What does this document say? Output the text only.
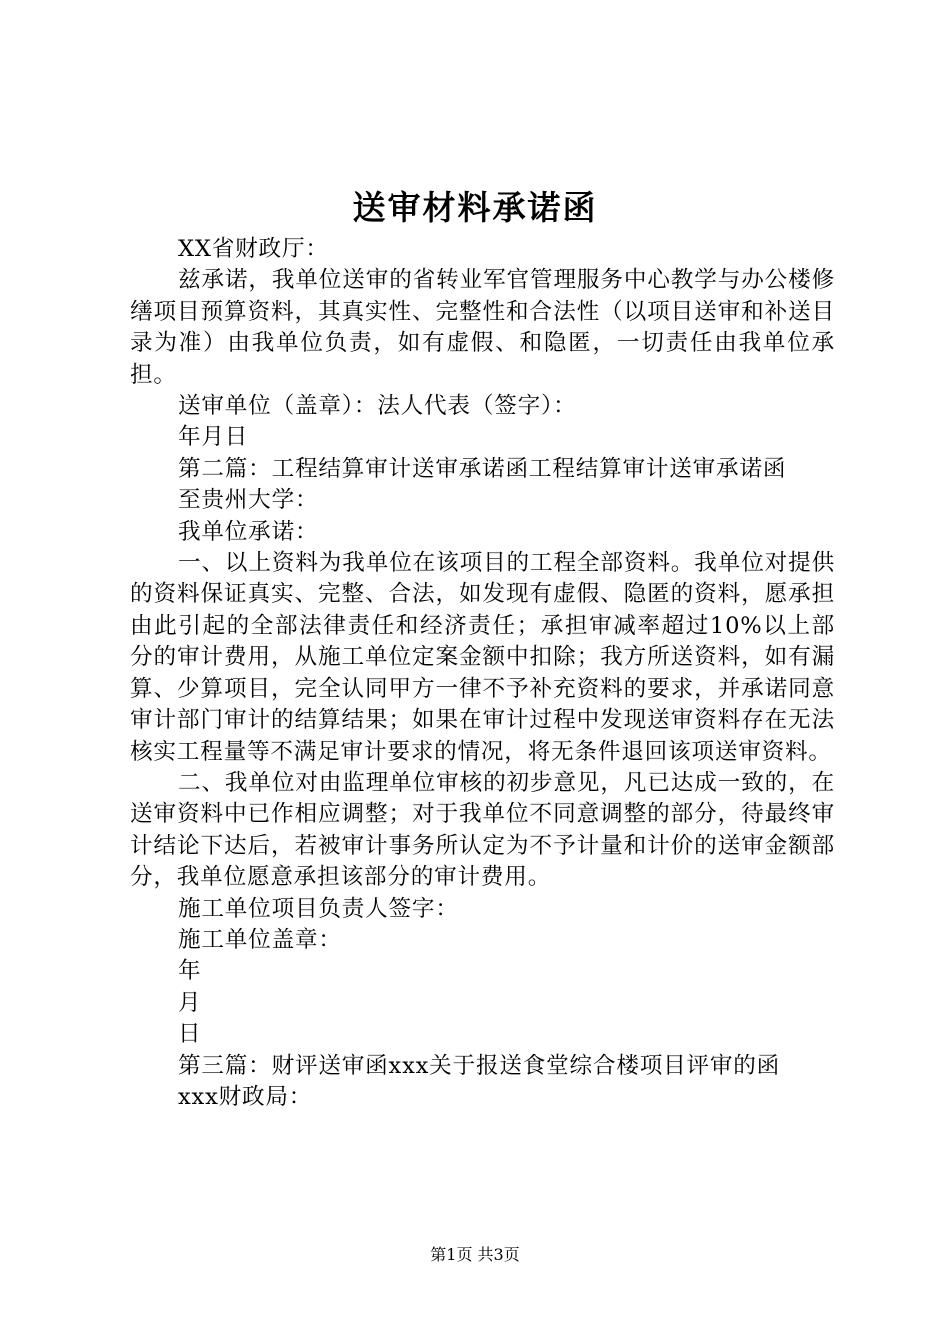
送审材料承诺函

XX省财政厅：

兹承诺，我单位送审的省转业军官管理服务中心教学与办公楼修缮项目预算资料，其真实性、完整性和合法性（以项目送审和补送目录为准）由我单位负责，如有虚假、和隐匿，一切责任由我单位承担。

送审单位（盖章）：法人代表（签字）：

年月日

第二篇：工程结算审计送审承诺函工程结算审计送审承诺函

至贵州大学：

我单位承诺：

一、以上资料为我单位在该项目的工程全部资料。我单位对提供的资料保证真实、完整、合法，如发现有虚假、隐匿的资料，愿承担由此引起的全部法律责任和经济责任；承担审减率超过10%以上部分的审计费用，从施工单位定案金额中扣除；我方所送资料，如有漏算、少算项目，完全认同甲方一律不予补充资料的要求，并承诺同意审计部门审计的结算结果；如果在审计过程中发现送审资料存在无法核实工程量等不满足审计要求的情况，将无条件退回该项送审资料。

二、我单位对由监理单位审核的初步意见，凡已达成一致的，在送审资料中已作相应调整；对于我单位不同意调整的部分，待最终审计结论下达后，若被审计事务所认定为不予计量和计价的送审金额部分，我单位愿意承担该部分的审计费用。

施工单位项目负责人签字：

施工单位盖章：

年

月

日

第三篇：财评送审函xxx关于报送食堂综合楼项目评审的函

xxx财政局：

第1页 共3页
